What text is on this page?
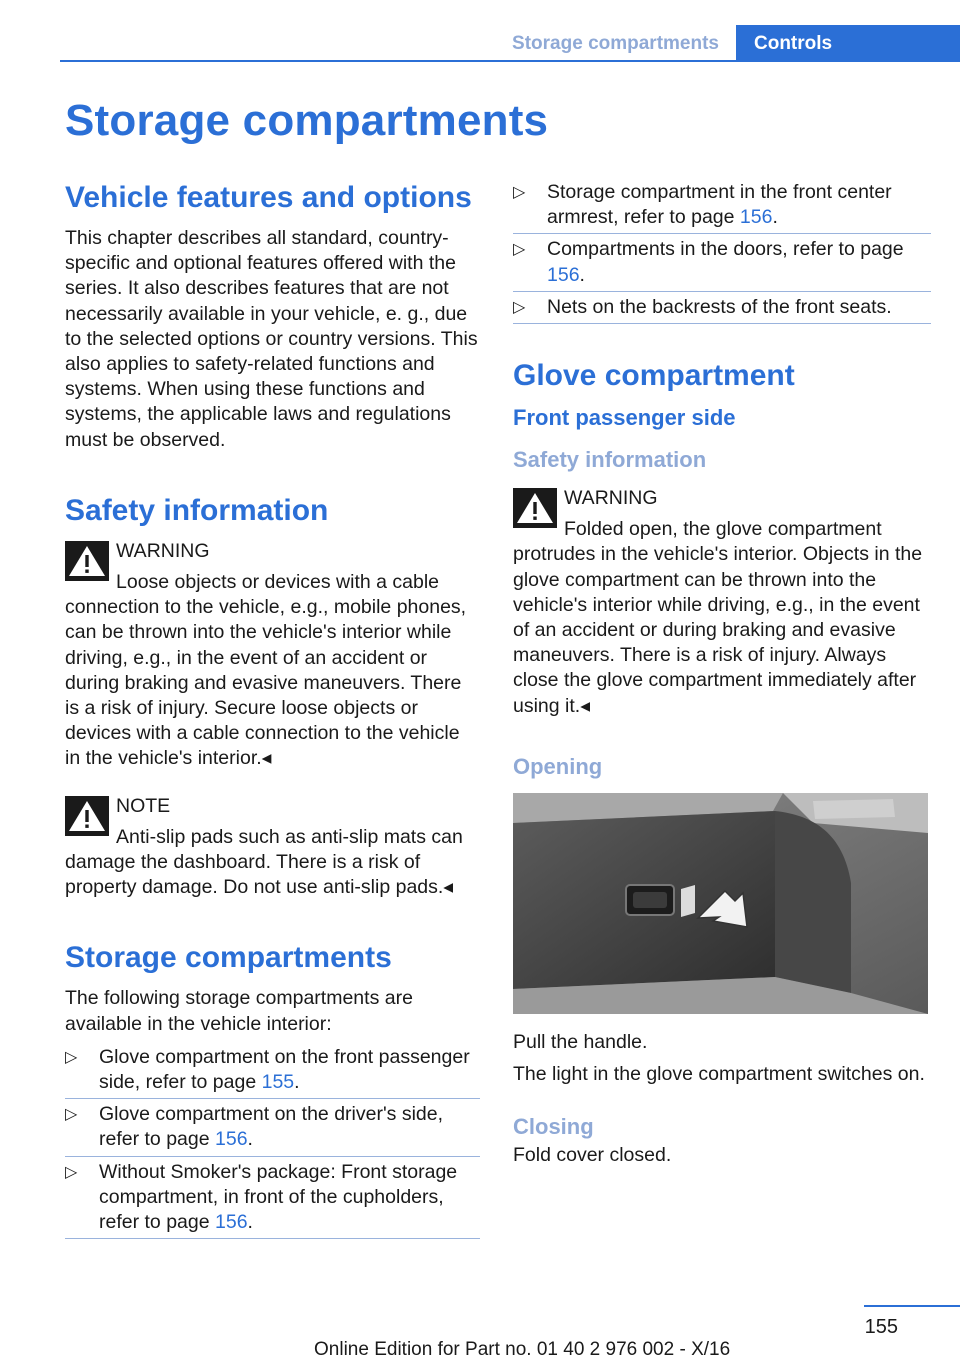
Storage compartments	Controls
Storage compartments
Vehicle features and options

This chapter describes all standard, country-specific and optional features offered with the series. It also describes features that are not necessarily available in your vehicle, e. g., due to the selected options or country versions. This also applies to safety-related functions and systems. When using these functions and systems, the applicable laws and regulations must be observed.

Safety information
WARNING
Loose objects or devices with a cable connection to the vehicle, e.g., mobile phones, can be thrown into the vehicle's interior while driving, e.g., in the event of an accident or during braking and evasive maneuvers. There is a risk of injury. Secure loose objects or devices with a cable connection to the vehicle in the vehicle's interior.◂
NOTE
Anti-slip pads such as anti-slip mats can damage the dashboard. There is a risk of property damage. Do not use anti-slip pads.◂
Storage compartments

The following storage compartments are available in the vehicle interior:

▷ Glove compartment on the front passenger side, refer to page 155.
▷ Glove compartment on the driver's side, refer to page 156.
▷ Without Smoker's package: Front storage compartment, in front of the cupholders, refer to page 156.
▷ Storage compartment in the front center armrest, refer to page 156.
▷ Compartments in the doors, refer to page 156.
▷ Nets on the backrests of the front seats.
Glove compartment
Front passenger side
Safety information
WARNING
Folded open, the glove compartment protrudes in the vehicle's interior. Objects in the glove compartment can be thrown into the vehicle's interior while driving, e.g., in the event of an accident or during braking and evasive maneuvers. There is a risk of injury. Always close the glove compartment immediately after using it.◂
Opening

Pull the handle.

The light in the glove compartment switches on.

Closing

Fold cover closed.

155
Online Edition for Part no. 01 40 2 976 002 - X/16
